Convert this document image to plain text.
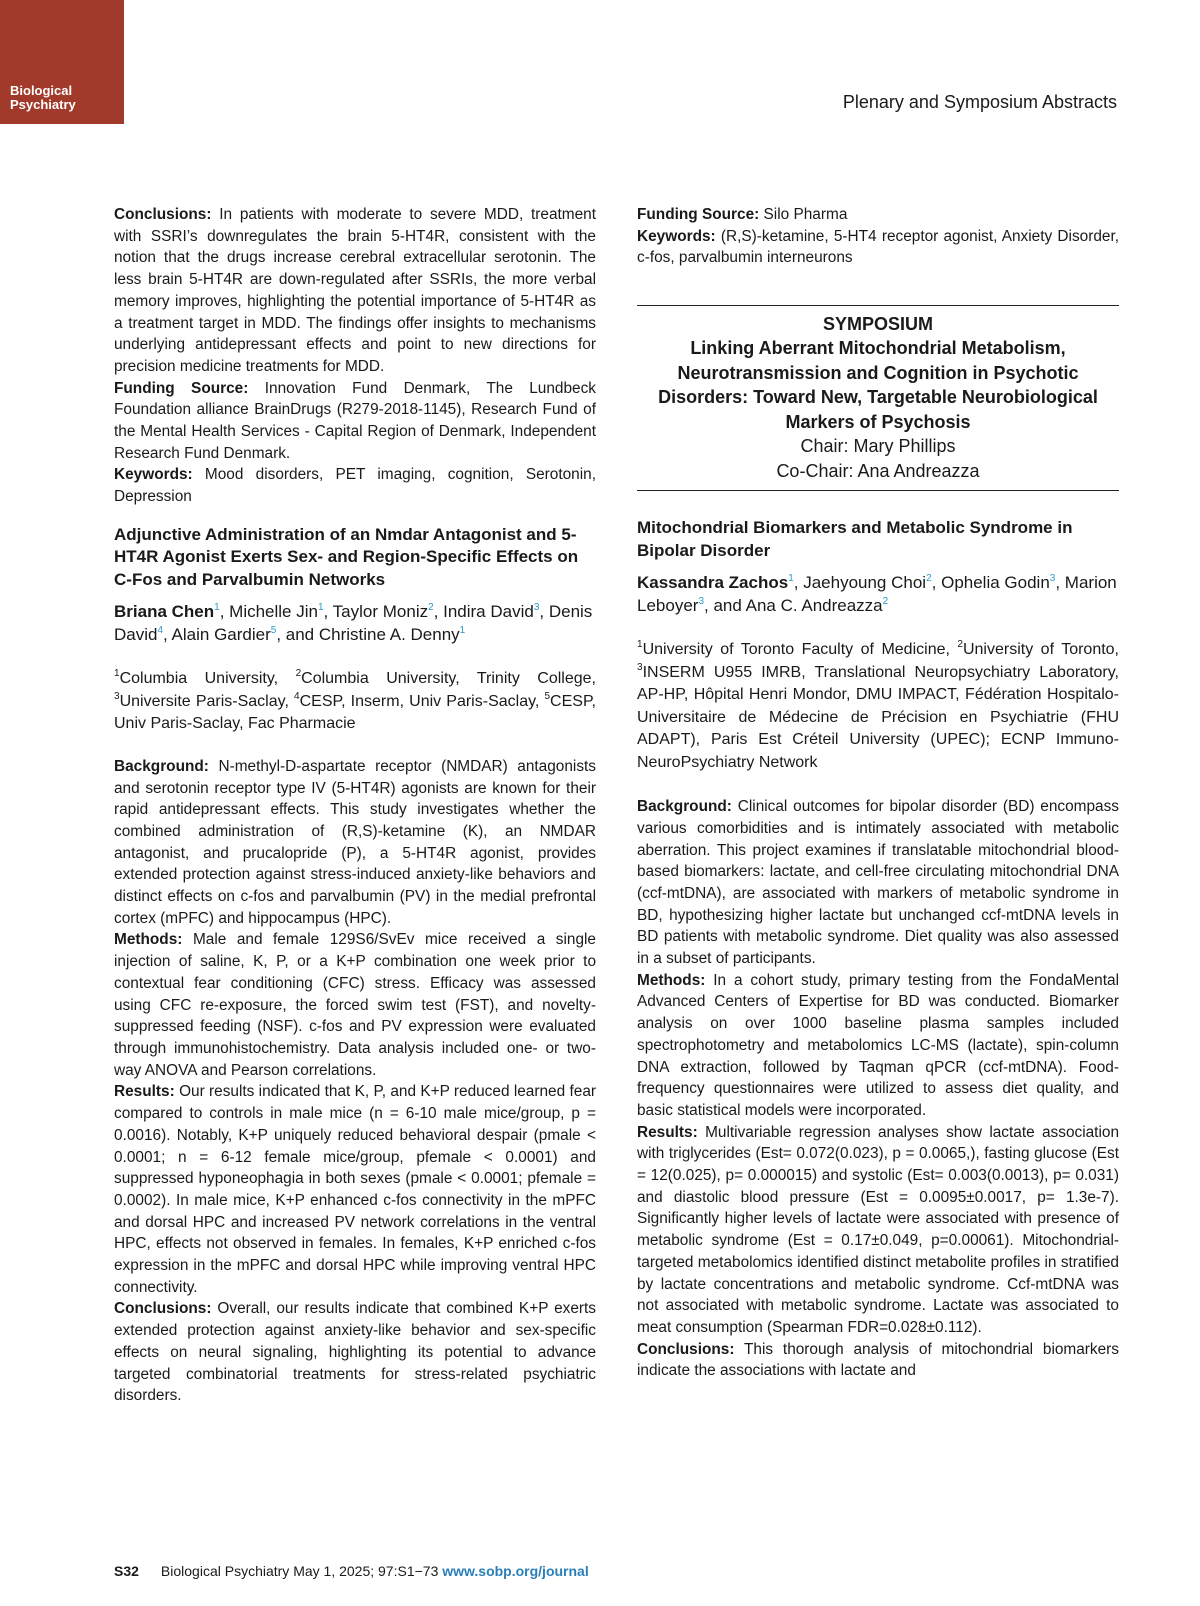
Biological Psychiatry	Plenary and Symposium Abstracts

Conclusions: In patients with moderate to severe MDD, treatment with SSRI’s downregulates the brain 5-HT4R, consistent with the notion that the drugs increase cerebral extracellular serotonin. The less brain 5-HT4R are down-regulated after SSRIs, the more verbal memory improves, highlighting the potential importance of 5-HT4R as a treatment target in MDD. The findings offer insights to mechanisms underlying antidepressant effects and point to new directions for precision medicine treatments for MDD.

Funding Source: Innovation Fund Denmark, The Lundbeck Foundation alliance BrainDrugs (R279-2018-1145), Research Fund of the Mental Health Services - Capital Region of Denmark, Independent Research Fund Denmark.

Keywords: Mood disorders, PET imaging, cognition, Serotonin, Depression

Adjunctive Administration of an Nmdar Antagonist and 5-HT4R Agonist Exerts Sex- and Region-Specific Effects on C-Fos and Parvalbumin Networks

Briana Chen$^1$, Michelle Jin$^1$, Taylor Moniz$^2$, Indira David$^3$, Denis David$^4$, Alain Gardier$^5$, and Christine A. Denny$^1$

$^1$Columbia University, $^2$Columbia University, Trinity College, $^3$Universite Paris-Saclay, $^4$CESP, Inserm, Univ Paris-Saclay, $^5$CESP, Univ Paris-Saclay, Fac Pharmacie

Background: N-methyl-D-aspartate receptor (NMDAR) antagonists and serotonin receptor type IV (5-HT4R) agonists are known for their rapid antidepressant effects. This study investigates whether the combined administration of (R,S)-ketamine (K), an NMDAR antagonist, and prucalopride (P), a 5-HT4R agonist, provides extended protection against stress-induced anxiety-like behaviors and distinct effects on c-fos and parvalbumin (PV) in the medial prefrontal cortex (mPFC) and hippocampus (HPC).

Methods: Male and female 129S6/SvEv mice received a single injection of saline, K, P, or a K+P combination one week prior to contextual fear conditioning (CFC) stress. Efficacy was assessed using CFC re-exposure, the forced swim test (FST), and novelty-suppressed feeding (NSF). c-fos and PV expression were evaluated through immunohistochemistry. Data analysis included one- or two-way ANOVA and Pearson correlations.

Results: Our results indicated that K, P, and K+P reduced learned fear compared to controls in male mice (n = 6-10 male mice/group, p = 0.0016). Notably, K+P uniquely reduced behavioral despair (pmale < 0.0001; n = 6-12 female mice/group, pfemale < 0.0001) and suppressed hyponeophagia in both sexes (pmale < 0.0001; pfemale = 0.0002). In male mice, K+P enhanced c-fos connectivity in the mPFC and dorsal HPC and increased PV network correlations in the ventral HPC, effects not observed in females. In females, K+P enriched c-fos expression in the mPFC and dorsal HPC while improving ventral HPC connectivity.

Conclusions: Overall, our results indicate that combined K+P exerts extended protection against anxiety-like behavior and sex-specific effects on neural signaling, highlighting its potential to advance targeted combinatorial treatments for stress-related psychiatric disorders.

Funding Source: Silo Pharma

Keywords: (R,S)-ketamine, 5-HT4 receptor agonist, Anxiety Disorder, c-fos, parvalbumin interneurons

SYMPOSIUM
Linking Aberrant Mitochondrial Metabolism, Neurotransmission and Cognition in Psychotic Disorders: Toward New, Targetable Neurobiological Markers of Psychosis
Chair: Mary Phillips
Co-Chair: Ana Andreazza

Mitochondrial Biomarkers and Metabolic Syndrome in Bipolar Disorder

Kassandra Zachos$^1$, Jaehyoung Choi$^2$, Ophelia Godin$^3$, Marion Leboyer$^3$, and Ana C. Andreazza$^2$

$^1$University of Toronto Faculty of Medicine, $^2$University of Toronto, $^3$INSERM U955 IMRB, Translational Neuropsychiatry Laboratory, AP-HP, Hôpital Henri Mondor, DMU IMPACT, Fédération Hospitalo-Universitaire de Médecine de Précision en Psychiatrie (FHU ADAPT), Paris Est Créteil University (UPEC); ECNP Immuno-NeuroPsychiatry Network

Background: Clinical outcomes for bipolar disorder (BD) encompass various comorbidities and is intimately associated with metabolic aberration. This project examines if translatable mitochondrial blood-based biomarkers: lactate, and cell-free circulating mitochondrial DNA (ccf-mtDNA), are associated with markers of metabolic syndrome in BD, hypothesizing higher lactate but unchanged ccf-mtDNA levels in BD patients with metabolic syndrome. Diet quality was also assessed in a subset of participants.

Methods: In a cohort study, primary testing from the FondaMental Advanced Centers of Expertise for BD was conducted. Biomarker analysis on over 1000 baseline plasma samples included spectrophotometry and metabolomics LC-MS (lactate), spin-column DNA extraction, followed by Taqman qPCR (ccf-mtDNA). Food-frequency questionnaires were utilized to assess diet quality, and basic statistical models were incorporated.

Results: Multivariable regression analyses show lactate association with triglycerides (Est= 0.072(0.023), p = 0.0065,), fasting glucose (Est = 12(0.025), p= 0.000015) and systolic (Est= 0.003(0.0013), p= 0.031) and diastolic blood pressure (Est = 0.0095±0.0017, p= 1.3e-7). Significantly higher levels of lactate were associated with presence of metabolic syndrome (Est = 0.17±0.049, p=0.00061). Mitochondrial-targeted metabolomics identified distinct metabolite profiles in stratified by lactate concentrations and metabolic syndrome. Ccf-mtDNA was not associated with metabolic syndrome. Lactate was associated to meat consumption (Spearman FDR=0.028±0.112).

Conclusions: This thorough analysis of mitochondrial biomarkers indicate the associations with lactate and

S32 Biological Psychiatry May 1, 2025; 97:S1−73 www.sobp.org/journal
